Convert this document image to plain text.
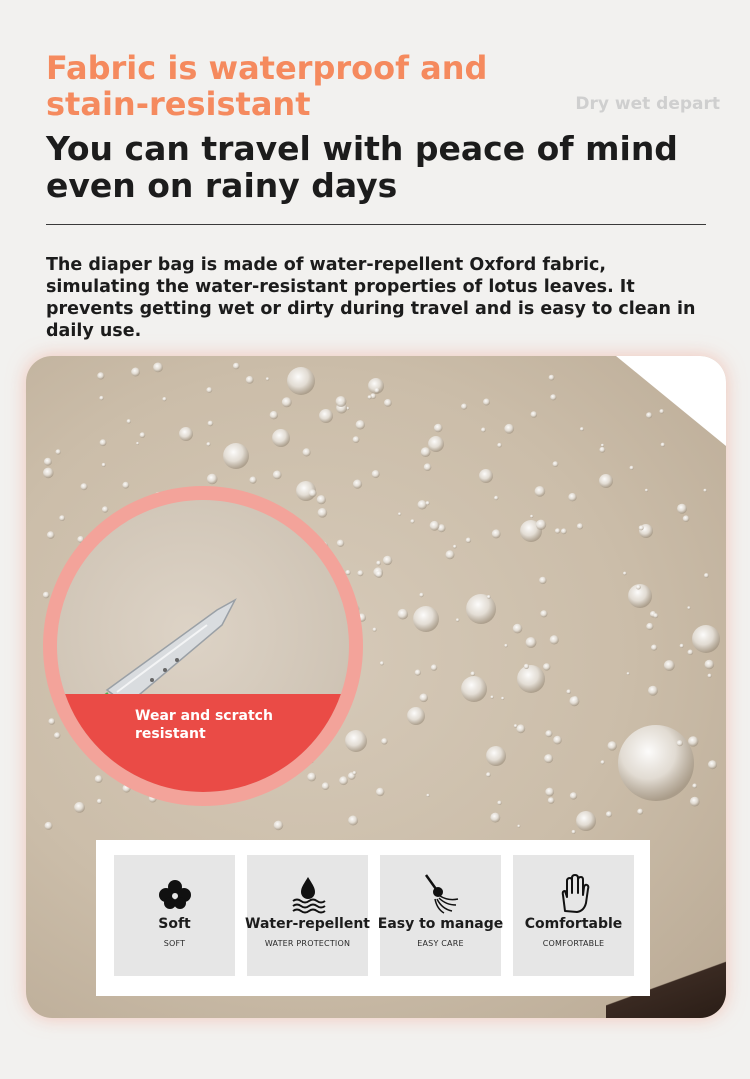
Fabric is waterproof and stain-resistant	Dry wet depart
You can travel with peace of mind even on rainy days
The diaper bag is made of water-repellent Oxford fabric, simulating the water-resistant properties of lotus leaves. It prevents getting wet or dirty during travel and is easy to clean in daily use.
Wear and scratch resistant
Soft
SOFT
Water-repellent
WATER PROTECTION
Easy to manage
EASY CARE
Comfortable
COMFORTABLE
